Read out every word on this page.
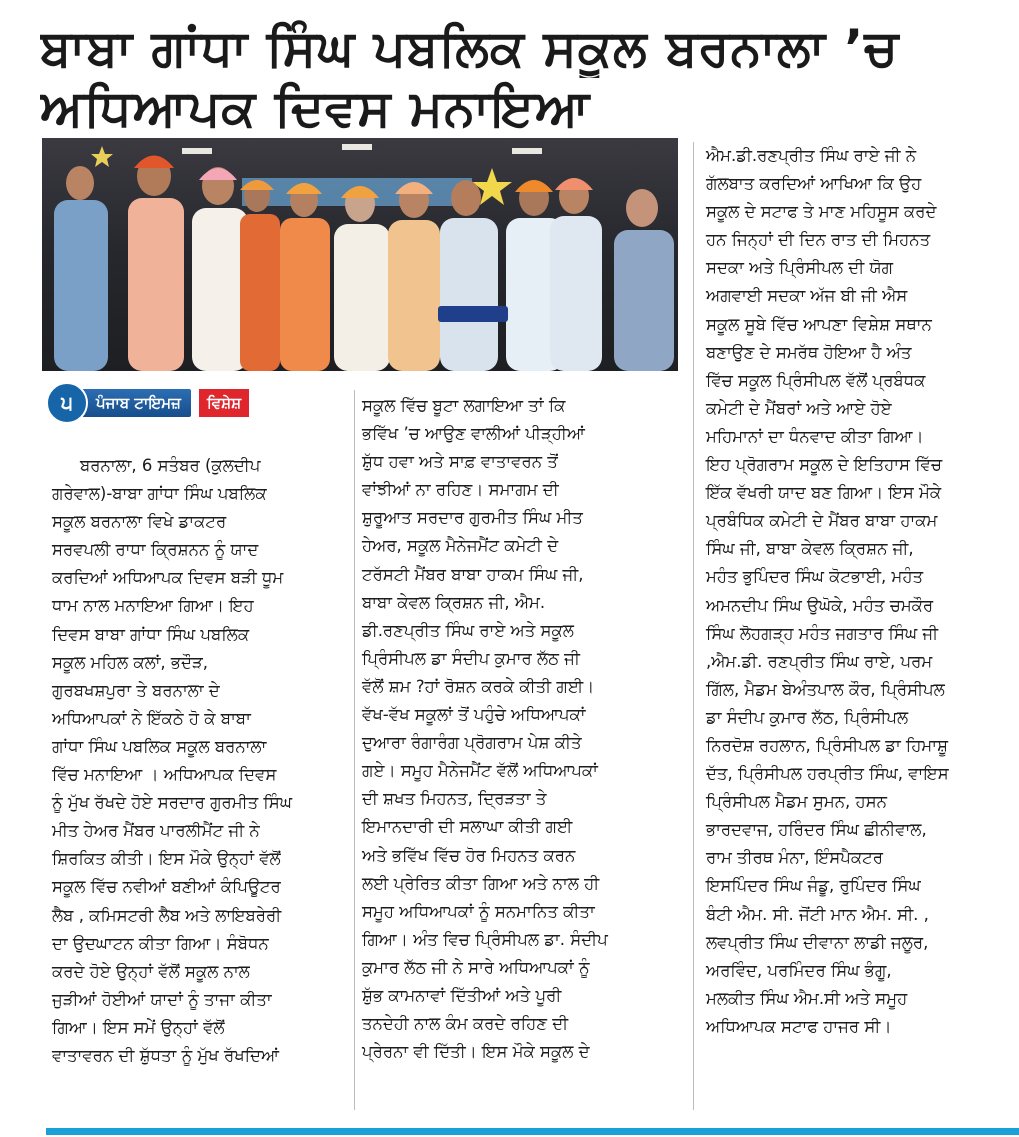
ਬਾਬਾ ਗਾਂਧਾ ਸਿੰਘ ਪਬਲਿਕ ਸਕੂਲ ਬਰਨਾਲਾ ’ਚ
ਅਧਿਆਪਕ ਦਿਵਸ ਮਨਾਇਆ
੫	ਪੰਜਾਬ ਟਾਇਮਜ਼	ਵਿਸ਼ੇਸ਼

ਬਰਨਾਲਾ, 6 ਸਤੰਬਰ (ਕੁਲਦੀਪ

ਗਰੇਵਾਲ)-ਬਾਬਾ ਗਾਂਧਾ ਸਿੰਘ ਪਬਲਿਕ

ਸਕੂਲ ਬਰਨਾਲਾ ਵਿਖੇ ਡਾਕਟਰ

ਸਰਵਪਲੀ ਰਾਧਾ ਕ੍ਰਿਸ਼ਨਨ ਨੂੰ ਯਾਦ

ਕਰਦਿਆਂ ਅਧਿਆਪਕ ਦਿਵਸ ਬੜੀ ਧੂਮ

ਧਾਮ ਨਾਲ ਮਨਾਇਆ ਗਿਆ। ਇਹ

ਦਿਵਸ ਬਾਬਾ ਗਾਂਧਾ ਸਿੰਘ ਪਬਲਿਕ

ਸਕੂਲ ਮਹਿਲ ਕਲਾਂ, ਭਦੌੜ,

ਗੁਰਬਖਸ਼ਪੁਰਾ ਤੇ ਬਰਨਾਲਾ ਦੇ

ਅਧਿਆਪਕਾਂ ਨੇ ਇੱਕਠੇ ਹੋ ਕੇ ਬਾਬਾ

ਗਾਂਧਾ ਸਿੰਘ ਪਬਲਿਕ ਸਕੂਲ ਬਰਨਾਲਾ

ਵਿੱਚ ਮਨਾਇਆ । ਅਧਿਆਪਕ ਦਿਵਸ

ਨੂੰ ਮੁੱਖ ਰੱਖਦੇ ਹੋਏ ਸਰਦਾਰ ਗੁਰਮੀਤ ਸਿੰਘ

ਮੀਤ ਹੇਅਰ ਮੈਂਬਰ ਪਾਰਲੀਮੈਂਟ ਜੀ ਨੇ

ਸ਼ਿਰਕਿਤ ਕੀਤੀ। ਇਸ ਮੌਕੇ ਉਨ੍ਹਾਂ ਵੱਲੋਂ

ਸਕੂਲ ਵਿੱਚ ਨਵੀਆਂ ਬਣੀਆਂ ਕੰਪਿਊਟਰ

ਲੈਬ , ਕਮਿਸਟਰੀ ਲੈਬ ਅਤੇ ਲਾਇਬਰੇਰੀ

ਦਾ ਉਦਘਾਟਨ ਕੀਤਾ ਗਿਆ। ਸੰਬੋਧਨ

ਕਰਦੇ ਹੋਏ ਉਨ੍ਹਾਂ ਵੱਲੋਂ ਸਕੂਲ ਨਾਲ

ਜੁੜੀਆਂ ਹੋਈਆਂ ਯਾਦਾਂ ਨੂੰ ਤਾਜਾ ਕੀਤਾ

ਗਿਆ। ਇਸ ਸਮੇਂ ਉਨ੍ਹਾਂ ਵੱਲੋਂ

ਵਾਤਾਵਰਨ ਦੀ ਸ਼ੁੱਧਤਾ ਨੂੰ ਮੁੱਖ ਰੱਖਦਿਆਂ

ਸਕੂਲ ਵਿੱਚ ਬੂਟਾ ਲਗਾਇਆ ਤਾਂ ਕਿ

ਭਵਿੱਖ ’ਚ ਆਉਣ ਵਾਲੀਆਂ ਪੀੜ੍ਹੀਆਂ

ਸ਼ੁੱਧ ਹਵਾ ਅਤੇ ਸਾਫ਼ ਵਾਤਾਵਰਨ ਤੋਂ

ਵਾਂਝੀਆਂ ਨਾ ਰਹਿਣ। ਸਮਾਗਮ ਦੀ

ਸ਼ੁਰੂਆਤ ਸਰਦਾਰ ਗੁਰਮੀਤ ਸਿੰਘ ਮੀਤ

ਹੇਅਰ, ਸਕੂਲ ਮੈਨੇਜਮੈਂਟ ਕਮੇਟੀ ਦੇ

ਟਰੱਸਟੀ ਮੈਂਬਰ ਬਾਬਾ ਹਾਕਮ ਸਿੰਘ ਜੀ,

ਬਾਬਾ ਕੇਵਲ ਕ੍ਰਿਸ਼ਨ ਜੀ, ਐਮ.

ਡੀ.ਰਣਪ੍ਰੀਤ ਸਿੰਘ ਰਾਏ ਅਤੇ ਸਕੂਲ

ਪ੍ਰਿੰਸੀਪਲ ਡਾ ਸੰਦੀਪ ਕੁਮਾਰ ਲੱਠ ਜੀ

ਵੱਲੋਂ ਸ਼ਮ ?ਹਾਂ ਰੋਸ਼ਨ ਕਰਕੇ ਕੀਤੀ ਗਈ।

ਵੱਖ-ਵੱਖ ਸਕੂਲਾਂ ਤੋਂ ਪਹੁੰਚੇ ਅਧਿਆਪਕਾਂ

ਦੁਆਰਾ ਰੰਗਾਰੰਗ ਪ੍ਰੋਗਰਾਮ ਪੇਸ਼ ਕੀਤੇ

ਗਏ। ਸਮੂਹ ਮੈਨੇਜਮੈਂਟ ਵੱਲੋਂ ਅਧਿਆਪਕਾਂ

ਦੀ ਸ਼ਖਤ ਮਿਹਨਤ, ਦ੍ਰਿੜਤਾ ਤੇ

ਇਮਾਨਦਾਰੀ ਦੀ ਸਲਾਘਾ ਕੀਤੀ ਗਈ

ਅਤੇ ਭਵਿੱਖ ਵਿੱਚ ਹੋਰ ਮਿਹਨਤ ਕਰਨ

ਲਈ ਪ੍ਰੇਰਿਤ ਕੀਤਾ ਗਿਆ ਅਤੇ ਨਾਲ ਹੀ

ਸਮੂਹ ਅਧਿਆਪਕਾਂ ਨੂੰ ਸਨਮਾਨਿਤ ਕੀਤਾ

ਗਿਆ। ਅੰਤ ਵਿਚ ਪ੍ਰਿੰਸੀਪਲ ਡਾ. ਸੰਦੀਪ

ਕੁਮਾਰ ਲੱਠ ਜੀ ਨੇ ਸਾਰੇ ਅਧਿਆਪਕਾਂ ਨੂੰ

ਸ਼ੁੱਭ ਕਾਮਨਾਵਾਂ ਦਿੱਤੀਆਂ ਅਤੇ ਪੂਰੀ

ਤਨਦੇਹੀ ਨਾਲ ਕੰਮ ਕਰਦੇ ਰਹਿਣ ਦੀ

ਪ੍ਰੇਰਨਾ ਵੀ ਦਿੱਤੀ। ਇਸ ਮੌਕੇ ਸਕੂਲ ਦੇ

ਐਮ.ਡੀ.ਰਣਪ੍ਰੀਤ ਸਿੰਘ ਰਾਏ ਜੀ ਨੇ

ਗੱਲਬਾਤ ਕਰਦਿਆਂ ਆਖਿਆ ਕਿ ਉਹ

ਸਕੂਲ ਦੇ ਸਟਾਫ ਤੇ ਮਾਣ ਮਹਿਸੂਸ ਕਰਦੇ

ਹਨ ਜਿਨ੍ਹਾਂ ਦੀ ਦਿਨ ਰਾਤ ਦੀ ਮਿਹਨਤ

ਸਦਕਾ ਅਤੇ ਪ੍ਰਿੰਸੀਪਲ ਦੀ ਯੋਗ

ਅਗਵਾਈ ਸਦਕਾ ਅੱਜ ਬੀ ਜੀ ਐਸ

ਸਕੂਲ ਸੂਬੇ ਵਿੱਚ ਆਪਣਾ ਵਿਸ਼ੇਸ਼ ਸਥਾਨ

ਬਣਾਉਣ ਦੇ ਸਮਰੱਥ ਹੋਇਆ ਹੈ ਅੰਤ

ਵਿੱਚ ਸਕੂਲ ਪ੍ਰਿੰਸੀਪਲ ਵੱਲੋਂ ਪ੍ਰਬੰਧਕ

ਕਮੇਟੀ ਦੇ ਮੈਂਬਰਾਂ ਅਤੇ ਆਏ ਹੋਏ

ਮਹਿਮਾਨਾਂ ਦਾ ਧੰਨਵਾਦ ਕੀਤਾ ਗਿਆ।

ਇਹ ਪ੍ਰੋਗਰਾਮ ਸਕੂਲ ਦੇ ਇਤਿਹਾਸ ਵਿੱਚ

ਇੱਕ ਵੱਖਰੀ ਯਾਦ ਬਣ ਗਿਆ। ਇਸ ਮੌਕੇ

ਪ੍ਰਬੰਧਿਕ ਕਮੇਟੀ ਦੇ ਮੈਂਬਰ ਬਾਬਾ ਹਾਕਮ

ਸਿੰਘ ਜੀ, ਬਾਬਾ ਕੇਵਲ ਕ੍ਰਿਸ਼ਨ ਜੀ,

ਮਹੰਤ ਭੁਪਿੰਦਰ ਸਿੰਘ ਕੋਟਭਾਈ, ਮਹੰਤ

ਅਮਨਦੀਪ ਸਿੰਘ ਉਘੋਕੇ, ਮਹੰਤ ਚਮਕੌਰ

ਸਿੰਘ ਲੋਹਗੜ੍ਹ ਮਹੰਤ ਜਗਤਾਰ ਸਿੰਘ ਜੀ

,ਐਮ.ਡੀ. ਰਣਪ੍ਰੀਤ ਸਿੰਘ ਰਾਏ, ਪਰਮ

ਗਿੱਲ, ਮੈਡਮ ਬੇਅੰਤਪਾਲ ਕੌਰ, ਪ੍ਰਿੰਸੀਪਲ

ਡਾ ਸੰਦੀਪ ਕੁਮਾਰ ਲੱਠ, ਪ੍ਰਿੰਸੀਪਲ

ਨਿਰਦੋਸ਼ ਰਹਲਾਨ, ਪ੍ਰਿੰਸੀਪਲ ਡਾ ਹਿਮਾਸ਼ੂ

ਦੱਤ, ਪ੍ਰਿੰਸੀਪਲ ਹਰਪ੍ਰੀਤ ਸਿੰਘ, ਵਾਇਸ

ਪ੍ਰਿੰਸੀਪਲ ਮੈਡਮ ਸੁਮਨ, ਹਸਨ

ਭਾਰਦਵਾਜ, ਹਰਿੰਦਰ ਸਿੰਘ ਛੀਨੀਵਾਲ,

ਰਾਮ ਤੀਰਥ ਮੰਨਾ, ਇੰਸਪੈਕਟਰ

ਇਸਪਿੰਦਰ ਸਿੰਘ ਜੰਡੂ, ਰੁਪਿੰਦਰ ਸਿੰਘ

ਬੰਟੀ ਐਮ. ਸੀ. ਜੋਂਟੀ ਮਾਨ ਐਮ. ਸੀ. ,

ਲਵਪ੍ਰੀਤ ਸਿੰਘ ਦੀਵਾਨਾ ਲਾਡੀ ਜਲੂਰ,

ਅਰਵਿੰਦ, ਪਰਮਿੰਦਰ ਸਿੰਘ ਭੰਗੂ,

ਮਲਕੀਤ ਸਿੰਘ ਐਮ.ਸੀ ਅਤੇ ਸਮੂਹ

ਅਧਿਆਪਕ ਸਟਾਫ ਹਾਜਰ ਸੀ।
